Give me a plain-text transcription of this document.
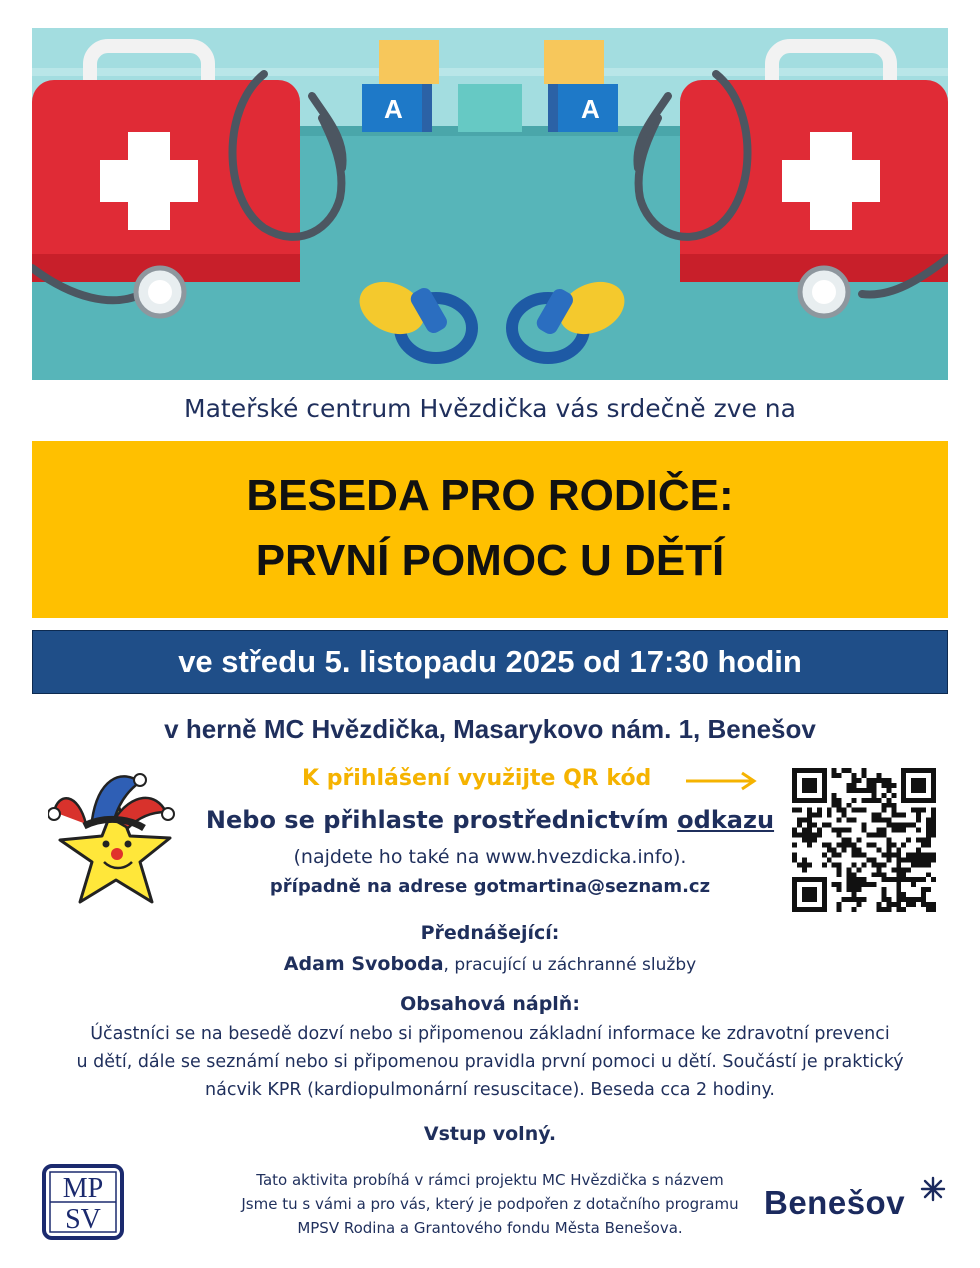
A	A
Mateřské centrum Hvězdička vás srdečně zve na
BESEDA PRO RODIČE:
PRVNÍ POMOC U DĚTÍ
ve středu 5. listopadu 2025 od 17:30 hodin
v herně MC Hvězdička, Masarykovo nám. 1, Benešov
K přihlášení využijte QR kód
Nebo se přihlaste prostřednictvím odkazu
(najdete ho také na www.hvezdicka.info).
případně na adrese gotmartina@seznam.cz
Přednášející:
Adam Svoboda, pracující u záchranné služby
Obsahová náplň:
Účastníci se na besedě dozví nebo si připomenou základní informace ke zdravotní prevenci
u dětí, dále se seznámí nebo si připomenou pravidla první pomoci u dětí. Součástí je praktický
nácvik KPR (kardiopulmonární resuscitace). Beseda cca 2 hodiny.
Vstup volný.
MP
SV
Tato aktivita probíhá v rámci projektu MC Hvězdička s názvem
Jsme tu s vámi a pro vás, který je podpořen z dotačního programu
MPSV Rodina a Grantového fondu Města Benešova.
Benešov
